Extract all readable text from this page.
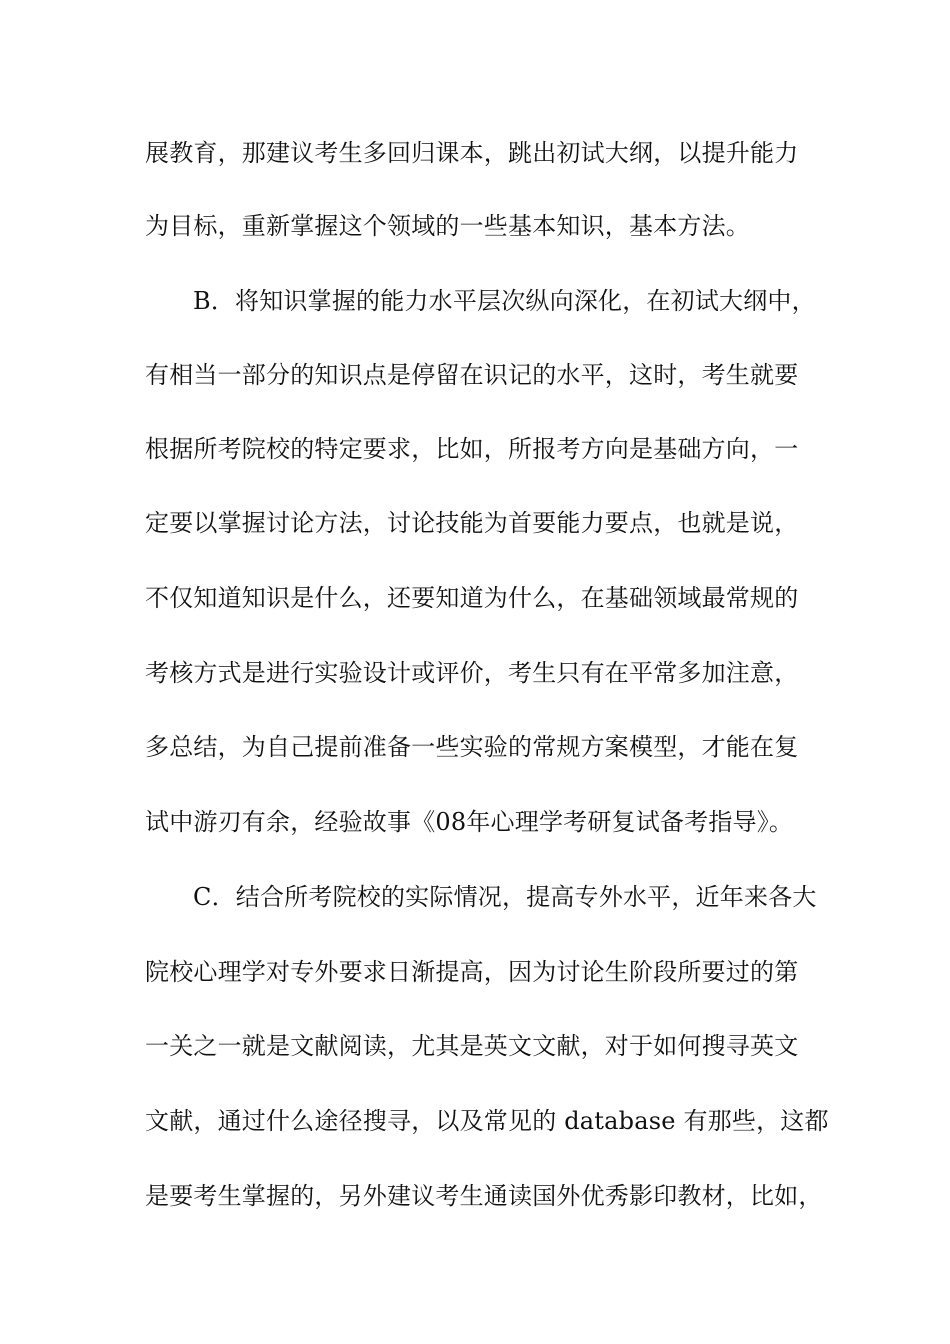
展教育，那建议考生多回归课本，跳出初试大纲，以提升能力
为目标，重新掌握这个领域的一些基本知识，基本方法。
B．将知识掌握的能力水平层次纵向深化，在初试大纲中，
有相当一部分的知识点是停留在识记的水平，这时，考生就要
根据所考院校的特定要求，比如，所报考方向是基础方向，一
定要以掌握讨论方法，讨论技能为首要能力要点，也就是说，
不仅知道知识是什么，还要知道为什么，在基础领域最常规的
考核方式是进行实验设计或评价，考生只有在平常多加注意，
多总结，为自己提前准备一些实验的常规方案模型，才能在复
试中游刃有余，经验故事《08年心理学考研复试备考指导》。
C．结合所考院校的实际情况，提高专外水平，近年来各大
院校心理学对专外要求日渐提高，因为讨论生阶段所要过的第
一关之一就是文献阅读，尤其是英文文献，对于如何搜寻英文
文献，通过什么途径搜寻，以及常见的 database 有那些，这都
是要考生掌握的，另外建议考生通读国外优秀影印教材，比如，
